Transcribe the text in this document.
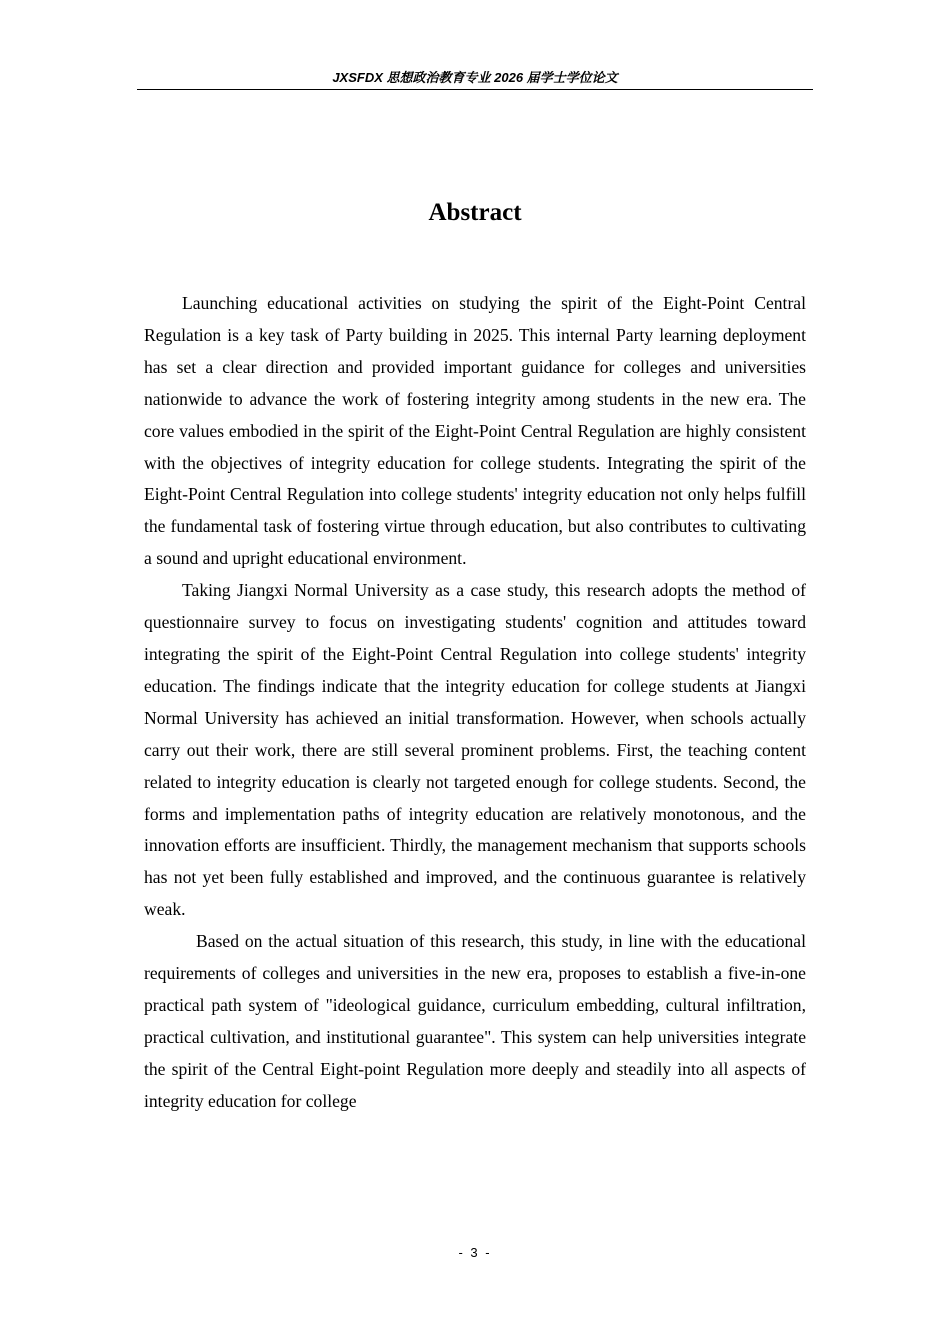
JXSFDX 思想政治教育专业 2026 届学士学位论文
Abstract

Launching educational activities on studying the spirit of the Eight-Point Central Regulation is a key task of Party building in 2025. This internal Party learning deployment has set a clear direction and provided important guidance for colleges and universities nationwide to advance the work of fostering integrity among students in the new era. The core values embodied in the spirit of the Eight-Point Central Regulation are highly consistent with the objectives of integrity education for college students. Integrating the spirit of the Eight-Point Central Regulation into college students' integrity education not only helps fulfill the fundamental task of fostering virtue through education, but also contributes to cultivating a sound and upright educational environment.

Taking Jiangxi Normal University as a case study, this research adopts the method of questionnaire survey to focus on investigating students' cognition and attitudes toward integrating the spirit of the Eight-Point Central Regulation into college students' integrity education. The findings indicate that the integrity education for college students at Jiangxi Normal University has achieved an initial transformation. However, when schools actually carry out their work, there are still several prominent problems. First, the teaching content related to integrity education is clearly not targeted enough for college students. Second, the forms and implementation paths of integrity education are relatively monotonous, and the innovation efforts are insufficient. Thirdly, the management mechanism that supports schools has not yet been fully established and improved, and the continuous guarantee is relatively weak.

Based on the actual situation of this research, this study, in line with the educational requirements of colleges and universities in the new era, proposes to establish a five-in-one practical path system of "ideological guidance, curriculum embedding, cultural infiltration, practical cultivation, and institutional guarantee". This system can help universities integrate the spirit of the Central Eight-point Regulation more deeply and steadily into all aspects of integrity education for college

- 3 -
